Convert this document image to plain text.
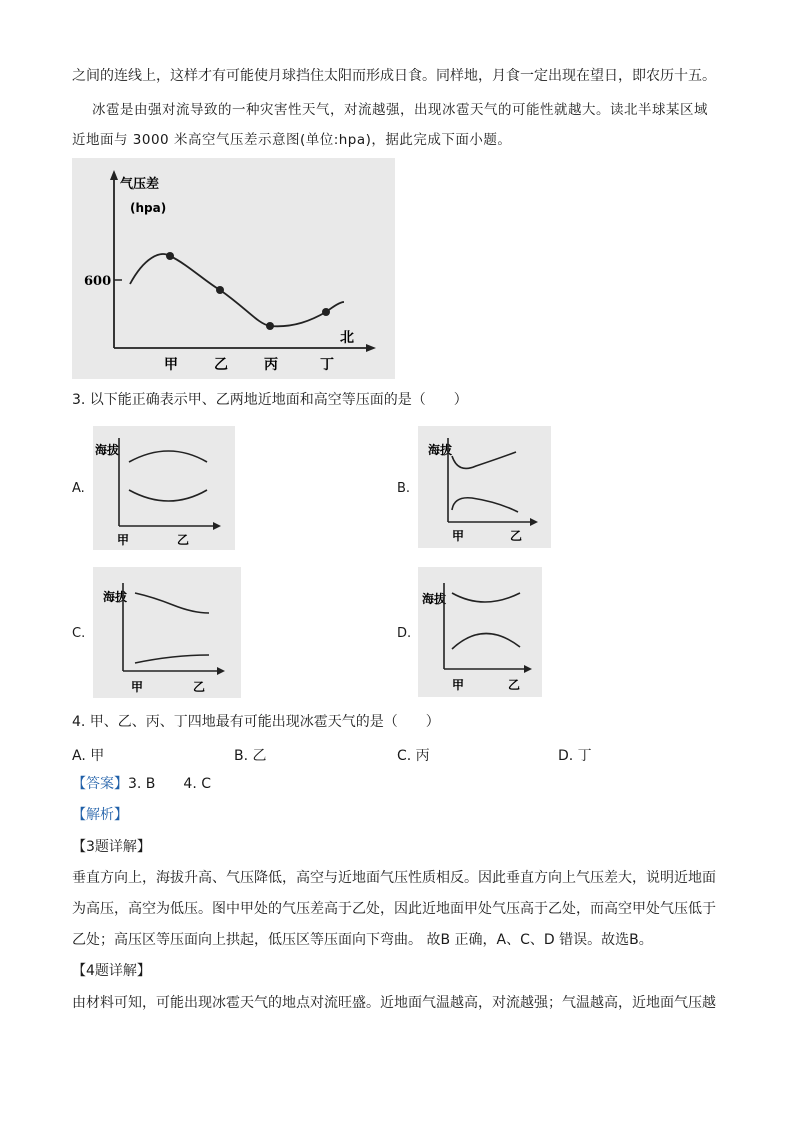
之间的连线上，这样才有可能使月球挡住太阳而形成日食。同样地，月食一定出现在望日，即农历十五。
冰雹是由强对流导致的一种灾害性天气，对流越强，出现冰雹天气的可能性就越大。读北半球某区域
近地面与 3000 米高空气压差示意图(单位:hpa)，据此完成下面小题。
气压差
(hpa)
600
北
甲	乙	丙	丁
3. 以下能正确表示甲、乙两地近地面和高空等压面的是（　　）
A.
海拔
甲	乙
B.
海拔
甲	乙
C.
海拔
甲	乙
D.
海拔
甲	乙
4. 甲、乙、丙、丁四地最有可能出现冰雹天气的是（　　）
A. 甲	B. 乙	C. 丙	D. 丁
【答案】3. B　　4. C
【解析】
【3题详解】
垂直方向上，海拔升高、气压降低，高空与近地面气压性质相反。因此垂直方向上气压差大，说明近地面
为高压，高空为低压。图中甲处的气压差高于乙处，因此近地面甲处气压高于乙处，而高空甲处气压低于
乙处；高压区等压面向上拱起，低压区等压面向下弯曲。 故B 正确，A、C、D 错误。故选B。
【4题详解】
由材料可知，可能出现冰雹天气的地点对流旺盛。近地面气温越高，对流越强；气温越高，近地面气压越
